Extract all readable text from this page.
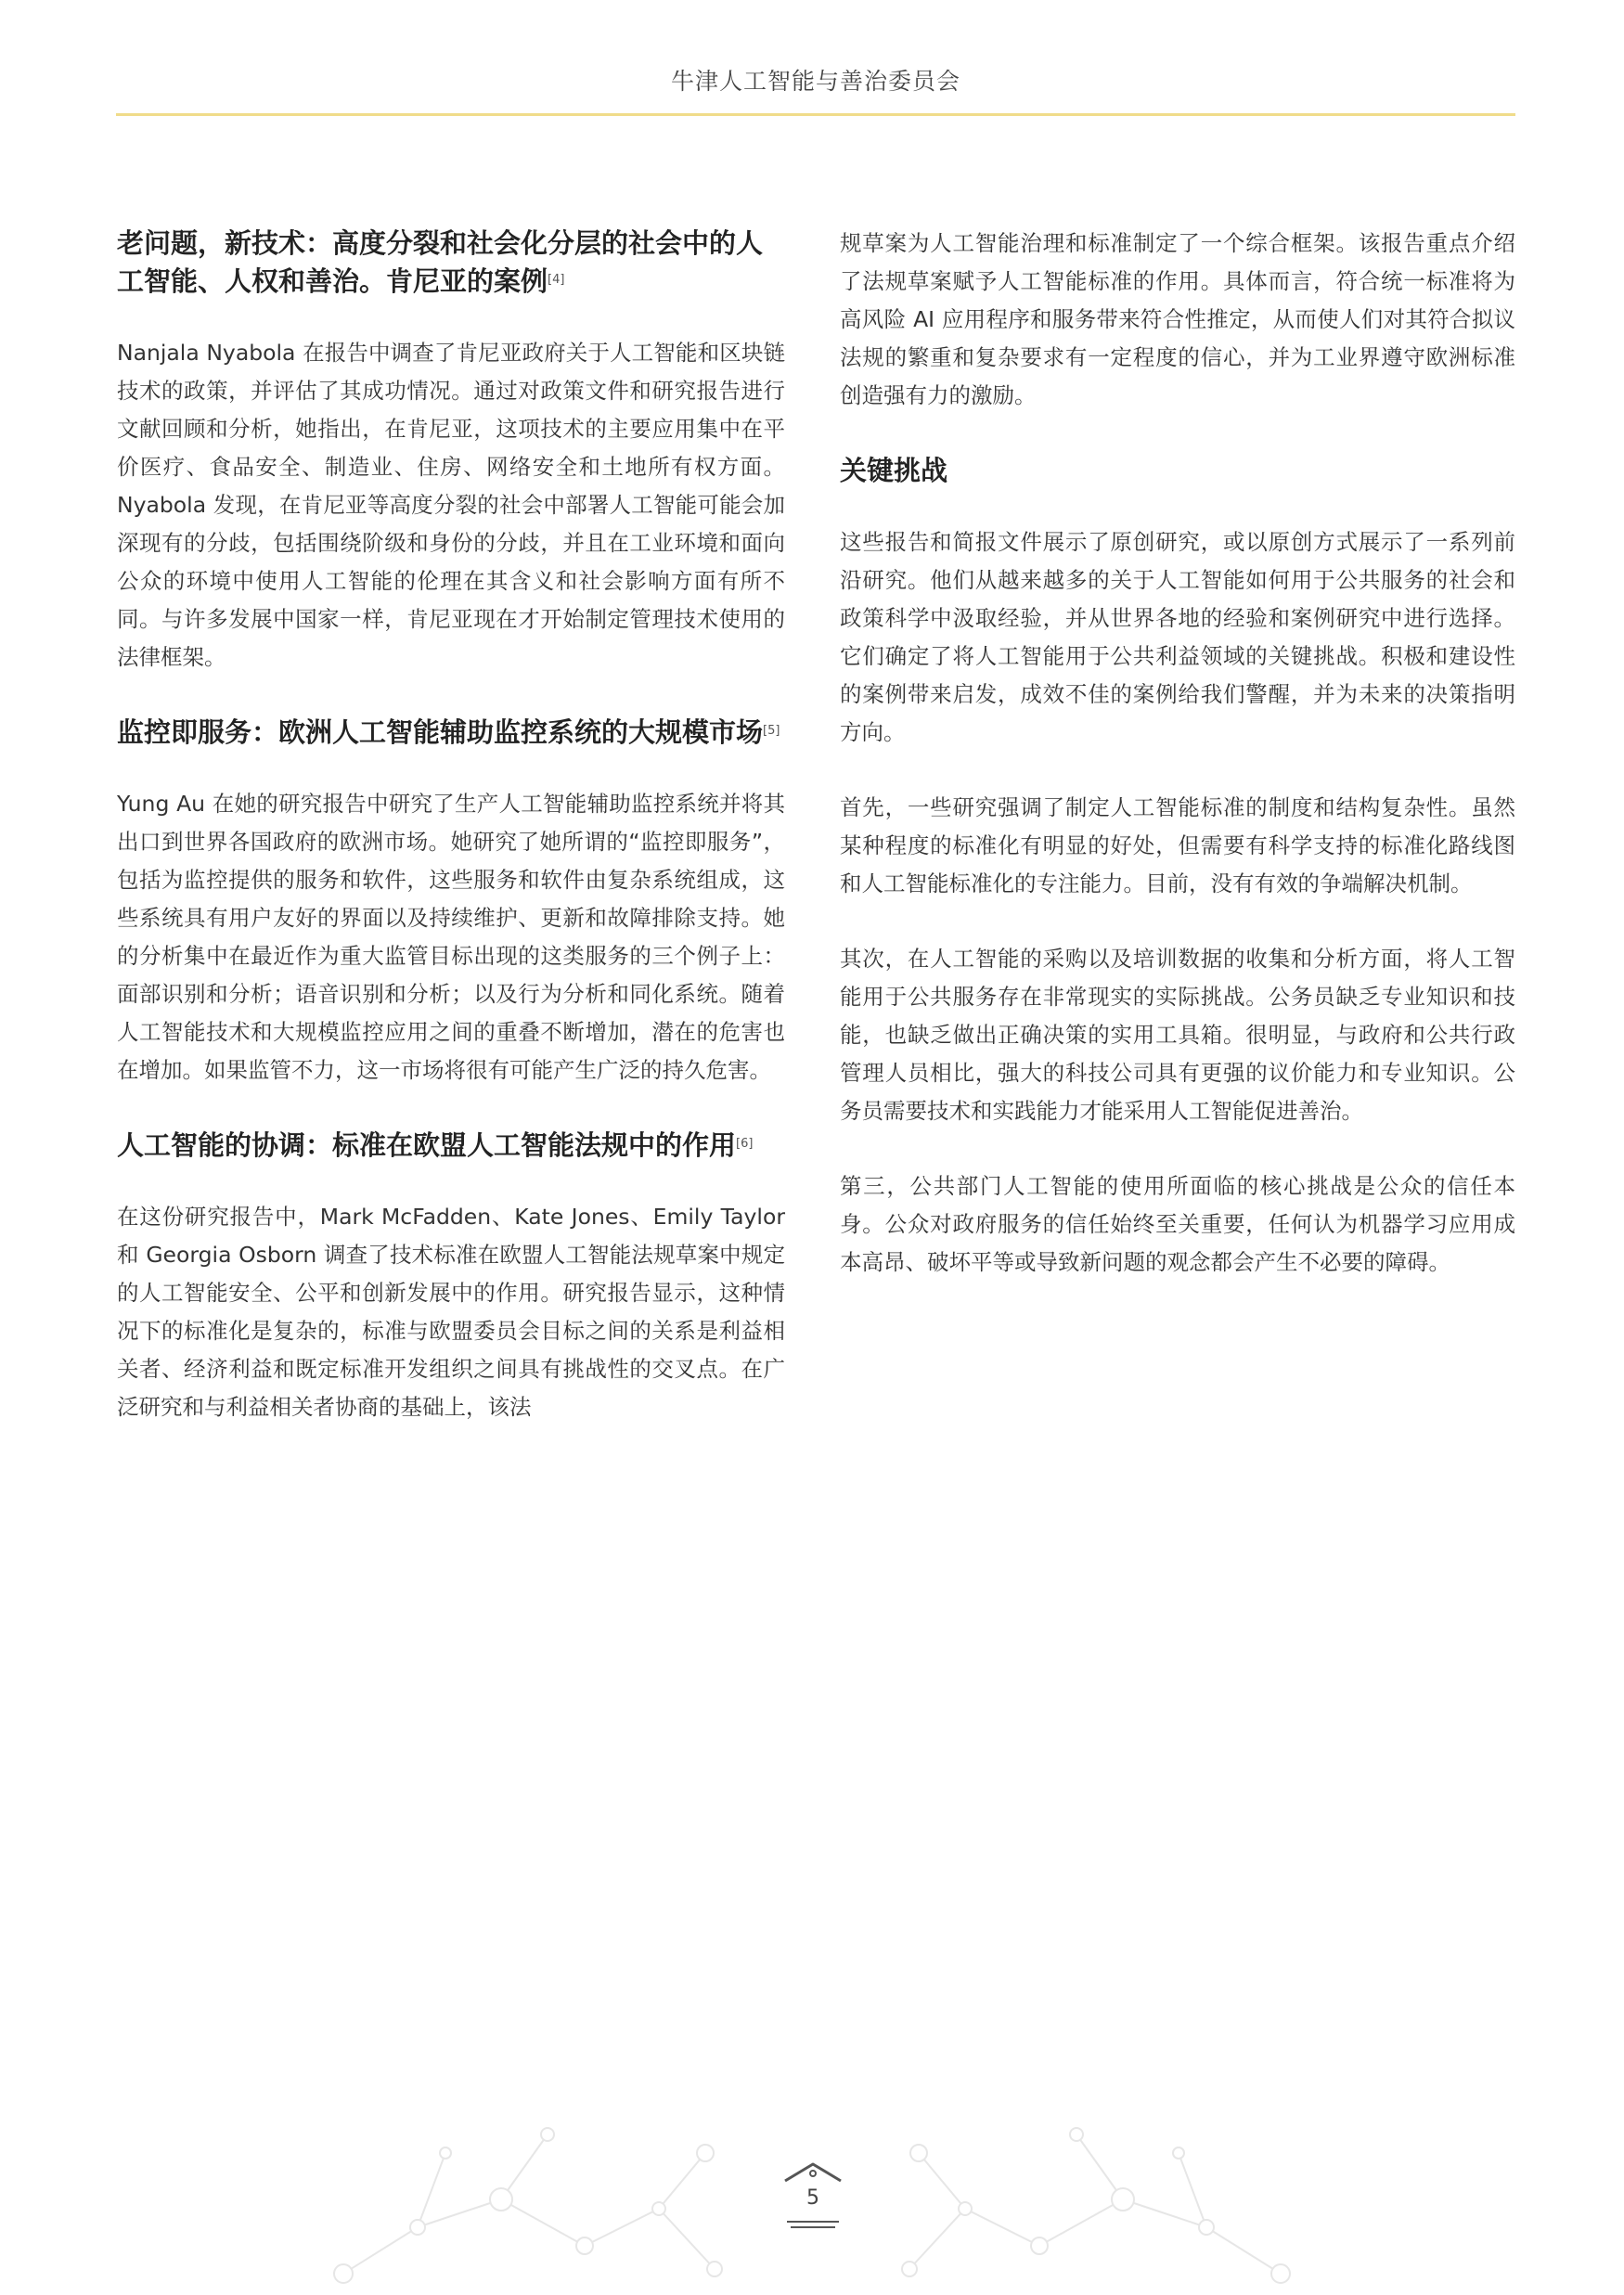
牛津人工智能与善治委员会
老问题，新技术：高度分裂和社会化分层的社会中的人工智能、人权和善治。肯尼亚的案例[4]

Nanjala Nyabola 在报告中调查了肯尼亚政府关于人工智能和区块链技术的政策，并评估了其成功情况。通过对政策文件和研究报告进行文献回顾和分析，她指出，在肯尼亚，这项技术的主要应用集中在平价医疗、食品安全、制造业、住房、网络安全和土地所有权方面。Nyabola 发现，在肯尼亚等高度分裂的社会中部署人工智能可能会加深现有的分歧，包括围绕阶级和身份的分歧，并且在工业环境和面向公众的环境中使用人工智能的伦理在其含义和社会影响方面有所不同。与许多发展中国家一样，肯尼亚现在才开始制定管理技术使用的法律框架。

监控即服务：欧洲人工智能辅助监控系统的大规模市场[5]

Yung Au 在她的研究报告中研究了生产人工智能辅助监控系统并将其出口到世界各国政府的欧洲市场。她研究了她所谓的“监控即服务”，包括为监控提供的服务和软件，这些服务和软件由复杂系统组成，这些系统具有用户友好的界面以及持续维护、更新和故障排除支持。她的分析集中在最近作为重大监管目标出现的这类服务的三个例子上：面部识别和分析；语音识别和分析；以及行为分析和同化系统。随着人工智能技术和大规模监控应用之间的重叠不断增加，潜在的危害也在增加。如果监管不力，这一市场将很有可能产生广泛的持久危害。

人工智能的协调：标准在欧盟人工智能法规中的作用[6]

在这份研究报告中，Mark McFadden、Kate Jones、Emily Taylor 和 Georgia Osborn 调查了技术标准在欧盟人工智能法规草案中规定的人工智能安全、公平和创新发展中的作用。研究报告显示，这种情况下的标准化是复杂的，标准与欧盟委员会目标之间的关系是利益相关者、经济利益和既定标准开发组织之间具有挑战性的交叉点。在广泛研究和与利益相关者协商的基础上，该法

规草案为人工智能治理和标准制定了一个综合框架。该报告重点介绍了法规草案赋予人工智能标准的作用。具体而言，符合统一标准将为高风险 AI 应用程序和服务带来符合性推定，从而使人们对其符合拟议法规的繁重和复杂要求有一定程度的信心，并为工业界遵守欧洲标准创造强有力的激励。

关键挑战

这些报告和简报文件展示了原创研究，或以原创方式展示了一系列前沿研究。他们从越来越多的关于人工智能如何用于公共服务的社会和政策科学中汲取经验，并从世界各地的经验和案例研究中进行选择。它们确定了将人工智能用于公共利益领域的关键挑战。积极和建设性的案例带来启发，成效不佳的案例给我们警醒，并为未来的决策指明方向。

首先，一些研究强调了制定人工智能标准的制度和结构复杂性。虽然某种程度的标准化有明显的好处，但需要有科学支持的标准化路线图和人工智能标准化的专注能力。目前，没有有效的争端解决机制。

其次，在人工智能的采购以及培训数据的收集和分析方面，将人工智能用于公共服务存在非常现实的实际挑战。公务员缺乏专业知识和技能，也缺乏做出正确决策的实用工具箱。很明显，与政府和公共行政管理人员相比，强大的科技公司具有更强的议价能力和专业知识。公务员需要技术和实践能力才能采用人工智能促进善治。

第三，公共部门人工智能的使用所面临的核心挑战是公众的信任本身。公众对政府服务的信任始终至关重要，任何认为机器学习应用成本高昂、破坏平等或导致新问题的观念都会产生不必要的障碍。

5
